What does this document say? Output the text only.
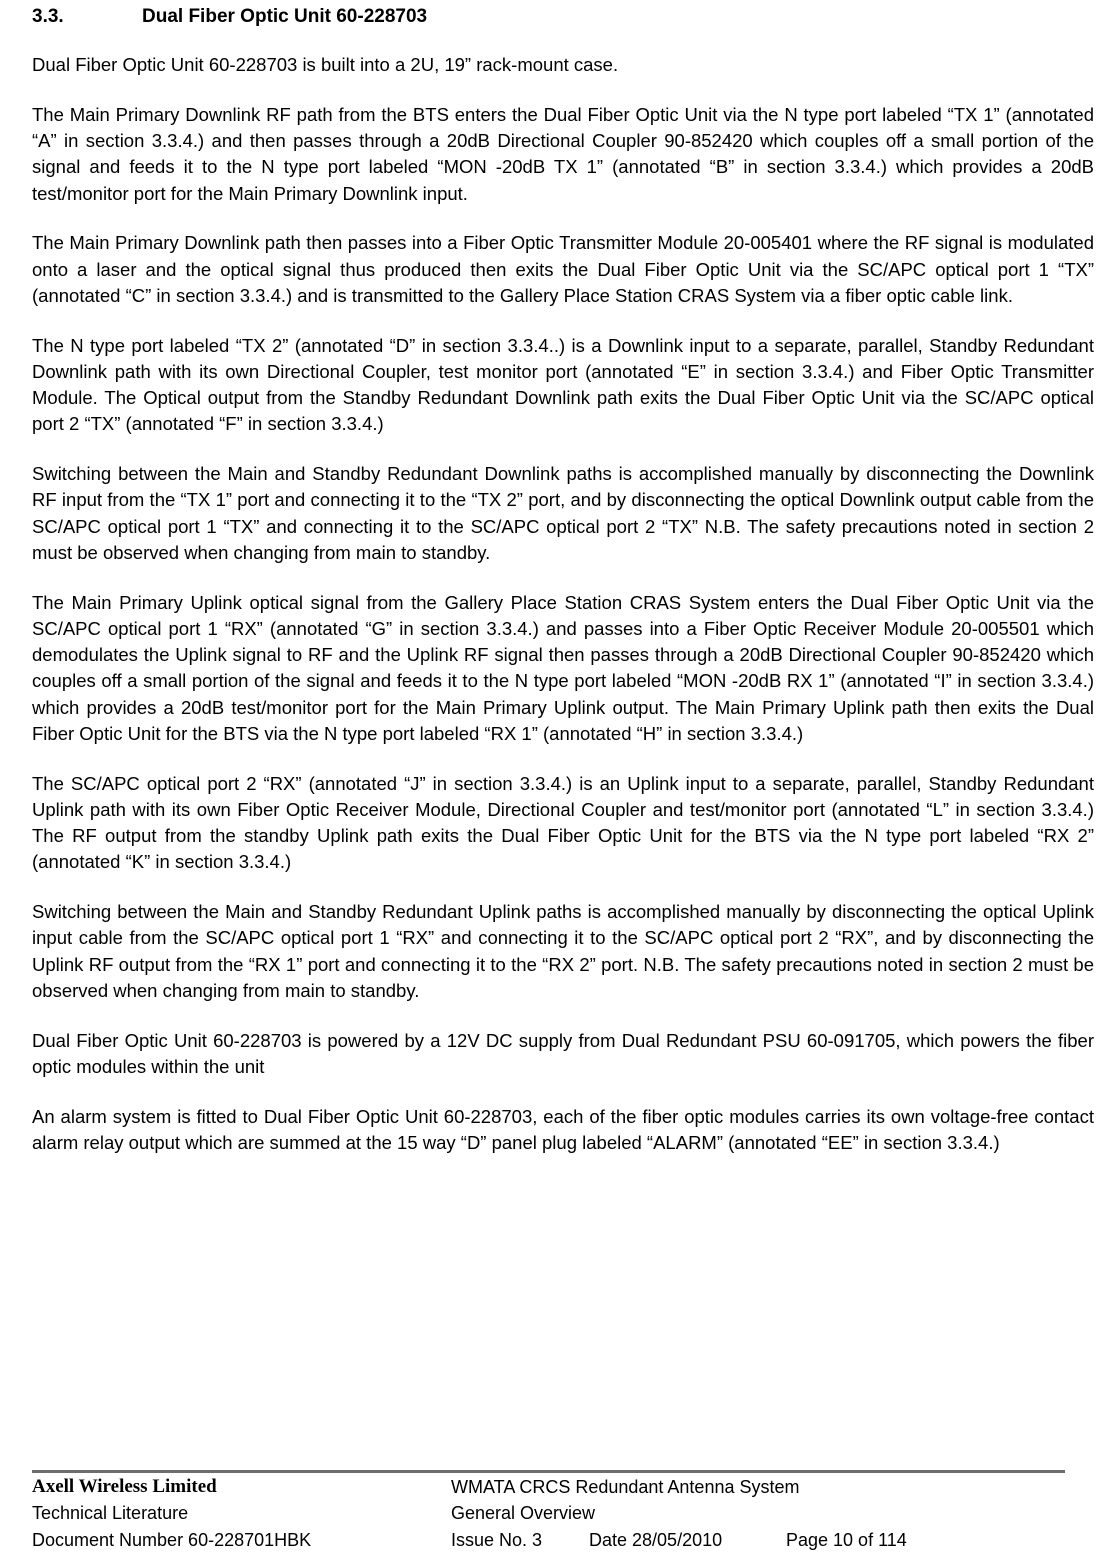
3.3.	Dual Fiber Optic Unit 60-228703

Dual Fiber Optic Unit 60-228703 is built into a 2U, 19” rack-mount case.

The Main Primary Downlink RF path from the BTS enters the Dual Fiber Optic Unit via the N type port labeled “TX 1” (annotated “A” in section 3.3.4.) and then passes through a 20dB Directional Coupler 90-852420 which couples off a small portion of the signal and feeds it to the N type port labeled “MON -20dB TX 1” (annotated “B” in section 3.3.4.) which provides a 20dB test/monitor port for the Main Primary Downlink input.

The Main Primary Downlink path then passes into a Fiber Optic Transmitter Module 20-005401 where the RF signal is modulated onto a laser and the optical signal thus produced then exits the Dual Fiber Optic Unit via the SC/APC optical port 1 “TX” (annotated “C” in section 3.3.4.) and is transmitted to the Gallery Place Station CRAS System via a fiber optic cable link.

The N type port labeled “TX 2” (annotated “D” in section 3.3.4..) is a Downlink input to a separate, parallel, Standby Redundant Downlink path with its own Directional Coupler, test monitor port (annotated “E” in section 3.3.4.) and Fiber Optic Transmitter Module. The Optical output from the Standby Redundant Downlink path exits the Dual Fiber Optic Unit via the SC/APC optical port 2 “TX” (annotated “F” in section 3.3.4.)

Switching between the Main and Standby Redundant Downlink paths is accomplished manually by disconnecting the Downlink RF input from the “TX 1” port and connecting it to the “TX 2” port, and by disconnecting the optical Downlink output cable from the SC/APC optical port 1 “TX” and connecting it to the SC/APC optical port 2 “TX” N.B. The safety precautions noted in section 2 must be observed when changing from main to standby.

The Main Primary Uplink optical signal from the Gallery Place Station CRAS System enters the Dual Fiber Optic Unit via the SC/APC optical port 1 “RX” (annotated “G” in section 3.3.4.) and passes into a Fiber Optic Receiver Module 20-005501 which demodulates the Uplink signal to RF and the Uplink RF signal then passes through a 20dB Directional Coupler 90-852420 which couples off a small portion of the signal and feeds it to the N type port labeled “MON -20dB RX 1” (annotated “I” in section 3.3.4.) which provides a 20dB test/monitor port for the Main Primary Uplink output. The Main Primary Uplink path then exits the Dual Fiber Optic Unit for the BTS via the N type port labeled “RX 1” (annotated “H” in section 3.3.4.)

The SC/APC optical port 2 “RX” (annotated “J” in section 3.3.4.) is an Uplink input to a separate, parallel, Standby Redundant Uplink path with its own Fiber Optic Receiver Module, Directional Coupler and test/monitor port (annotated “L” in section 3.3.4.) The RF output from the standby Uplink path exits the Dual Fiber Optic Unit for the BTS via the N type port labeled “RX 2” (annotated “K” in section 3.3.4.)

Switching between the Main and Standby Redundant Uplink paths is accomplished manually by disconnecting the optical Uplink input cable from the SC/APC optical port 1 “RX” and connecting it to the SC/APC optical port 2 “RX”, and by disconnecting the Uplink RF output from the “RX 1” port and connecting it to the “RX 2” port. N.B. The safety precautions noted in section 2 must be observed when changing from main to standby.

Dual Fiber Optic Unit 60-228703 is powered by a 12V DC supply from Dual Redundant PSU 60-091705, which powers the fiber optic modules within the unit

An alarm system is fitted to Dual Fiber Optic Unit 60-228703, each of the fiber optic modules carries its own voltage-free contact alarm relay output which are summed at the 15 way “D” panel plug labeled “ALARM” (annotated “EE” in section 3.3.4.)

Axell Wireless Limited	WMATA CRCS Redundant Antenna System
Technical Literature	General Overview
Document Number 60-228701HBK	Issue No. 3	Date 28/05/2010	Page 10 of 114
